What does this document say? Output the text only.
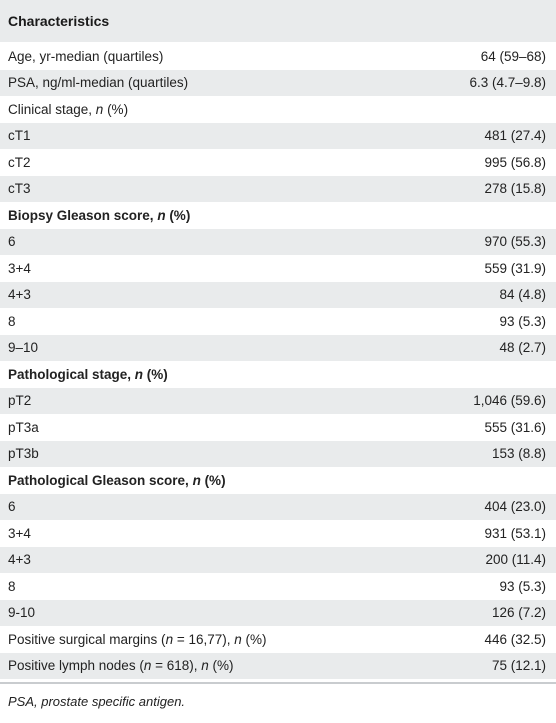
Characteristics
Age, yr-median (quartiles)	64 (59–68)
PSA, ng/ml-median (quartiles)	6.3 (4.7–9.8)
Clinical stage, n (%)
cT1	481 (27.4)
cT2	995 (56.8)
cT3	278 (15.8)
Biopsy Gleason score, n (%)
6	970 (55.3)
3+4	559 (31.9)
4+3	84 (4.8)
8	93 (5.3)
9–10	48 (2.7)
Pathological stage, n (%)
pT2	1,046 (59.6)
pT3a	555 (31.6)
pT3b	153 (8.8)
Pathological Gleason score, n (%)
6	404 (23.0)
3+4	931 (53.1)
4+3	200 (11.4)
8	93 (5.3)
9-10	126 (7.2)
Positive surgical margins (n = 16,77), n (%)	446 (32.5)
Positive lymph nodes (n = 618), n (%)	75 (12.1)
PSA, prostate specific antigen.
